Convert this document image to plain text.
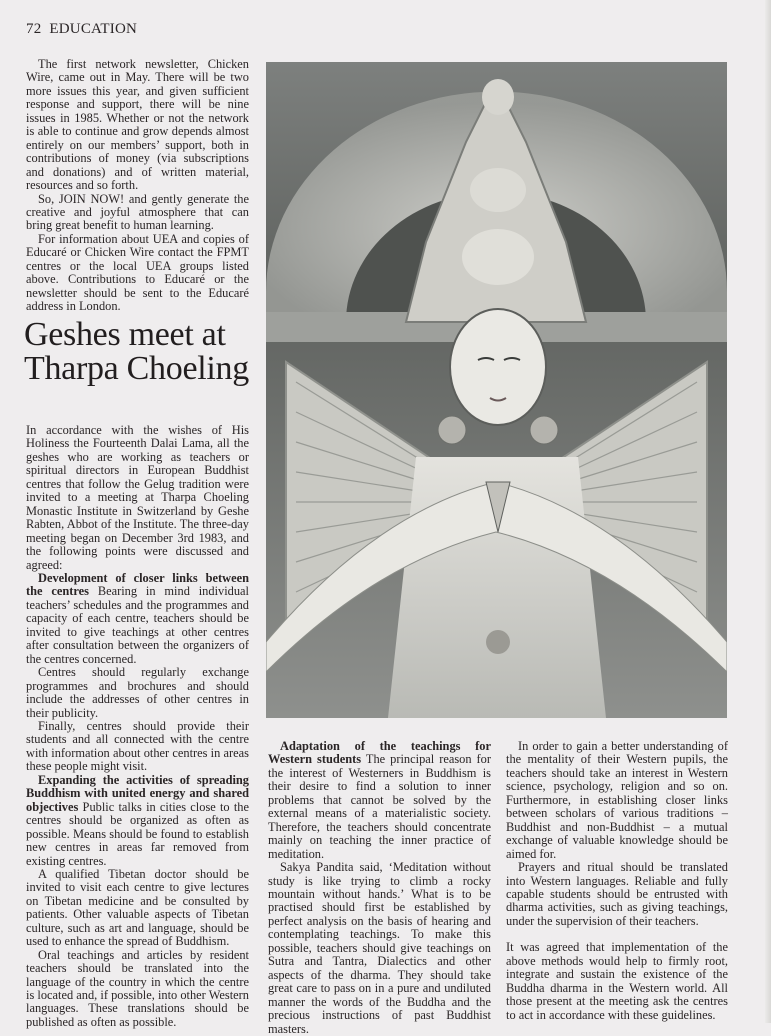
72 EDUCATION

The first network newsletter, Chicken Wire, came out in May. There will be two more issues this year, and given sufficient response and support, there will be nine issues in 1985. Whether or not the network is able to continue and grow depends almost entirely on our members’ support, both in contributions of money (via subscriptions and donations) and of written material, resources and so forth.

So, JOIN NOW! and gently generate the creative and joyful atmosphere that can bring great benefit to human learning.

For information about UEA and copies of Educaré or Chicken Wire contact the FPMT centres or the local UEA groups listed above. Contributions to Educaré or the newsletter should be sent to the Educaré address in London.

Geshes meet at Tharpa Choeling

In accordance with the wishes of His Holiness the Fourteenth Dalai Lama, all the geshes who are working as teachers or spiritual directors in European Buddhist centres that follow the Gelug tradition were invited to a meeting at Tharpa Choeling Monastic Institute in Switzerland by Geshe Rabten, Abbot of the Institute. The three-day meeting began on December 3rd 1983, and the following points were discussed and agreed:

Development of closer links between the centres Bearing in mind individual teachers’ schedules and the programmes and capacity of each centre, teachers should be invited to give teachings at other centres after consultation between the organizers of the centres concerned.

Centres should regularly exchange programmes and brochures and should include the addresses of other centres in their publicity.

Finally, centres should provide their students and all connected with the centre with information about other centres in areas these people might visit.

Expanding the activities of spreading Buddhism with united energy and shared objectives Public talks in cities close to the centres should be organized as often as possible. Means should be found to establish new centres in areas far removed from existing centres.

A qualified Tibetan doctor should be invited to visit each centre to give lectures on Tibetan medicine and be consulted by patients. Other valuable aspects of Tibetan culture, such as art and language, should be used to enhance the spread of Buddhism.

Oral teachings and articles by resident teachers should be translated into the language of the country in which the centre is located and, if possible, into other Western languages. These translations should be published as often as possible.

Adaptation of the teachings for Western students The principal reason for the interest of Westerners in Buddhism is their desire to find a solution to inner problems that cannot be solved by the external means of a materialistic society. Therefore, the teachers should concentrate mainly on teaching the inner practice of meditation.

Sakya Pandita said, ‘Meditation without study is like trying to climb a rocky mountain without hands.’ What is to be practised should first be established by perfect analysis on the basis of hearing and contemplating teachings. To make this possible, teachers should give teachings on Sutra and Tantra, Dialectics and other aspects of the dharma. They should take great care to pass on in a pure and undiluted manner the words of the Buddha and the precious instructions of past Buddhist masters.

In order to gain a better understanding of the mentality of their Western pupils, the teachers should take an interest in Western science, psychology, religion and so on. Furthermore, in establishing closer links between scholars of various traditions – Buddhist and non-Buddhist – a mutual exchange of valuable knowledge should be aimed for.

Prayers and ritual should be translated into Western languages. Reliable and fully capable students should be entrusted with dharma activities, such as giving teachings, under the supervision of their teachers.

It was agreed that implementation of the above methods would help to firmly root, integrate and sustain the existence of the Buddha dharma in the Western world. All those present at the meeting ask the centres to act in accordance with these guidelines.
